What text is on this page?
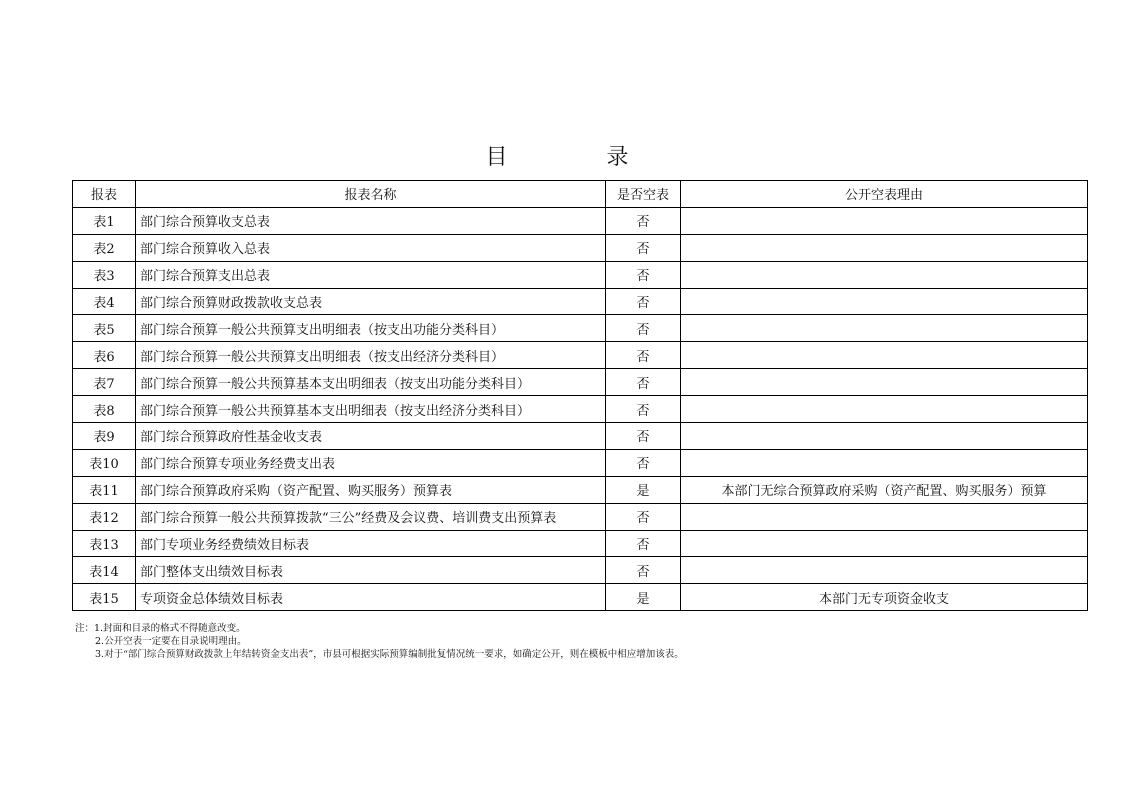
目 录
报表	报表名称	是否空表	公开空表理由
表1	部门综合预算收支总表	否	
表2	部门综合预算收入总表	否	
表3	部门综合预算支出总表	否	
表4	部门综合预算财政拨款收支总表	否	
表5	部门综合预算一般公共预算支出明细表（按支出功能分类科目）	否	
表6	部门综合预算一般公共预算支出明细表（按支出经济分类科目）	否	
表7	部门综合预算一般公共预算基本支出明细表（按支出功能分类科目）	否	
表8	部门综合预算一般公共预算基本支出明细表（按支出经济分类科目）	否	
表9	部门综合预算政府性基金收支表	否	
表10	部门综合预算专项业务经费支出表	否	
表11	部门综合预算政府采购（资产配置、购买服务）预算表	是	本部门无综合预算政府采购（资产配置、购买服务）预算
表12	部门综合预算一般公共预算拨款“三公”经费及会议费、培训费支出预算表	否	
表13	部门专项业务经费绩效目标表	否	
表14	部门整体支出绩效目标表	否	
表15	专项资金总体绩效目标表	是	本部门无专项资金收支
注：1.封面和目录的格式不得随意改变。
2.公开空表一定要在目录说明理由。
3.对于“部门综合预算财政拨款上年结转资金支出表”，市县可根据实际预算编制批复情况统一要求，如确定公开，则在模板中相应增加该表。
